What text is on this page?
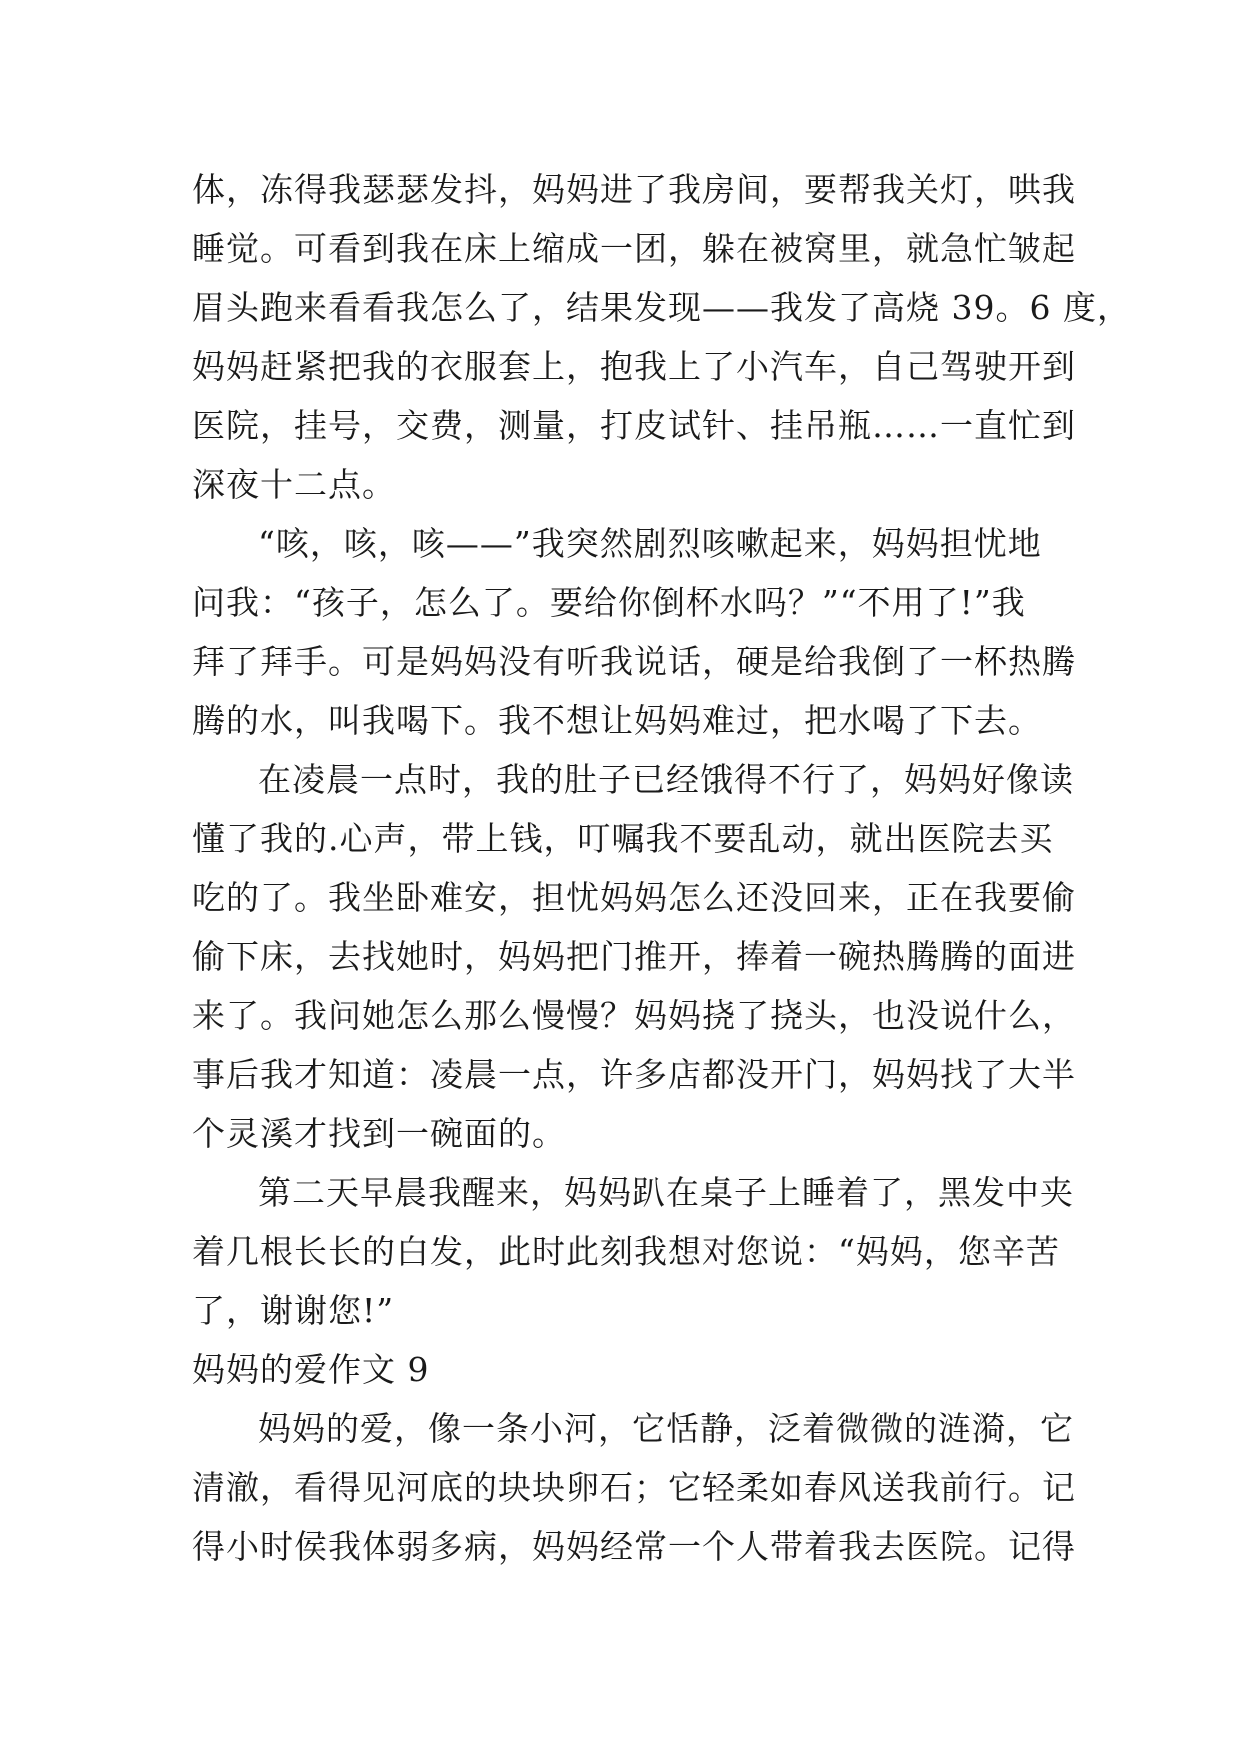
体，冻得我瑟瑟发抖，妈妈进了我房间，要帮我关灯，哄我
睡觉。可看到我在床上缩成一团，躲在被窝里，就急忙皱起
眉头跑来看看我怎么了，结果发现——我发了高烧 39。6 度，
妈妈赶紧把我的衣服套上，抱我上了小汽车，自己驾驶开到
医院，挂号，交费，测量，打皮试针、挂吊瓶……一直忙到
深夜十二点。
“咳，咳，咳——”我突然剧烈咳嗽起来，妈妈担忧地
问我：“孩子，怎么了。要给你倒杯水吗？”“不用了!”我
拜了拜手。可是妈妈没有听我说话，硬是给我倒了一杯热腾
腾的水，叫我喝下。我不想让妈妈难过，把水喝了下去。
在凌晨一点时，我的肚子已经饿得不行了，妈妈好像读
懂了我的.心声，带上钱，叮嘱我不要乱动，就出医院去买
吃的了。我坐卧难安，担忧妈妈怎么还没回来，正在我要偷
偷下床，去找她时，妈妈把门推开，捧着一碗热腾腾的面进
来了。我问她怎么那么慢慢？妈妈挠了挠头，也没说什么，
事后我才知道：凌晨一点，许多店都没开门，妈妈找了大半
个灵溪才找到一碗面的。
第二天早晨我醒来，妈妈趴在桌子上睡着了，黑发中夹
着几根长长的白发，此时此刻我想对您说：“妈妈，您辛苦
了，谢谢您!”
妈妈的爱作文 9
妈妈的爱，像一条小河，它恬静，泛着微微的涟漪，它
清澈，看得见河底的块块卵石；它轻柔如春风送我前行。记
得小时侯我体弱多病，妈妈经常一个人带着我去医院。记得
